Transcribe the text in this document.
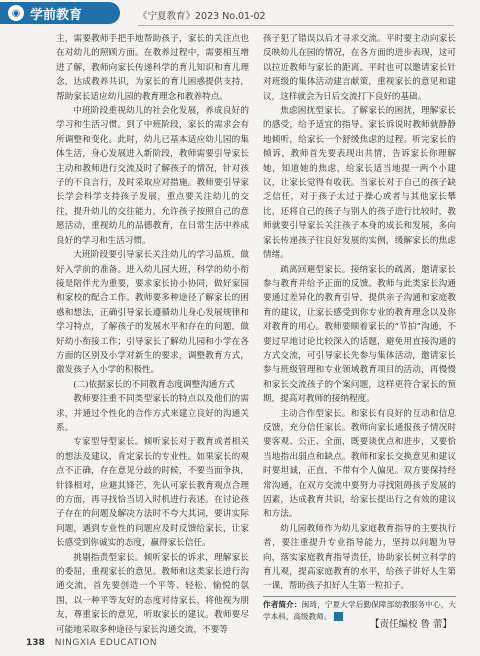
◉ 学前教育	《宁夏教育》2023 No.01-02

主，需要教师手把手地帮助孩子，家长的关注点也在对幼儿的照顾方面。在教养过程中，需要相互增进了解，教师向家长传递科学的育儿知识和育儿理念，达成教养共识，为家长的育儿困惑提供支持，帮助家长适应幼儿园的教育理念和教养特点。

中班阶段重视幼儿的社会化发展，养成良好的学习和生活习惯。到了中班阶段，家长的需求会有所调整和变化。此时，幼儿已基本适应幼儿园的集体生活，身心发展进入新阶段，教师需要引导家长主动和教师进行交流及时了解孩子的情况，针对孩子的不良言行，及时采取应对措施。教师要引导家长学会科学支持孩子发展，重点要关注幼儿的交往，提升幼儿的交往能力，允许孩子按照自己的意愿活动，重视幼儿的品德教育，在日常生活中养成良好的学习和生活习惯。

大班阶段要引导家长关注幼儿的学习品质，做好入学前的准备。进入幼儿园大班，科学的幼小衔接是陪伴尤为重要，要求家长协小协同，做好家园和家校的配合工作。教师要多种途径了解家长的困惑和想法，正确引导家长遵循幼儿身心发展规律和学习特点，了解孩子的发展水平和存在的问题，做好幼小衔接工作；引导家长了解幼儿园和小学在各方面的区别及小学对新生的要求，调整教育方式，激发孩子入小学的积极性。

(二)依据家长的不同教育态度调整沟通方式

教师要注重不同类型家长的特点以及他们的需求，并通过个性化的合作方式来建立良好的沟通关系。

专家型导型家长。倾听家长对于教育或者相关的想法及建议，肯定家长的专业性。如果家长的观点不正确，存在意见分歧的时候，不要当面争执，针锋相对，应避其锋芒，先认可家长教育观点合理的方面，再寻找恰当切入时机进行表述。在讨论孩子存在的问题及解决方法时不夸大其词，要讲实际问题，遇到专业性的问题应及时反馈给家长，让家长感受到你诚实的态度，赢得家长信任。

挑剔指责型家长。倾听家长的诉求，理解家长的委屈，重视家长的意见。教师和这类家长进行沟通交流，首先要创造一个平等、轻松、愉悦的氛围，以一种平等友好的态度对待家长，将他视为朋友，尊重家长的意见，听取家长的建议。教师要尽可能地采取多种途径与家长沟通交流，不要等

孩子犯了错误以后才寻求交流。平时要主动向家长反映幼儿在园的情况，在各方面的进步表现，这可以拉近教师与家长的距离。平时也可以邀请家长针对班级的集体活动建言献策，重视家长的意见和建议，这样就会为日后交流打下良好的基础。

焦虑困扰型家长。了解家长的困扰，理解家长的感受，给予适宜的指导。家长诉说时教师就静静地倾听，给家长一个舒缓焦虑的过程。听完家长的倾诉，教师首先要表现出共情，告诉家长你理解她，知道她的焦虑，给家长适当地提一两个小建议，让家长觉得有收获。当家长对于自己的孩子缺乏信任，对于孩子太过于操心或者与其他家长攀比，还将自己的孩子与别人的孩子进行比较时，教师就要引导家长关注孩子本身的成长和发展，多向家长传递孩子往良好发展的实例，缓解家长的焦虑情绪。

疏离回避型家长。接纳家长的疏离，邀请家长参与教育并给予正面的反馈。教师与此类家长沟通要通过差异化的教育引导，提供亲子沟通和家庭教育的建议，让家长感受到你专业的教育理念以及你对教育的用心。教师要顺着家长的“节拍”沟通，不要过早地讨论比较深入的话题，避免用直接沟通的方式交流，可引导家长先参与集体活动，邀请家长参与班级管理和专业领域教育项目的活动，再慢慢和家长交流孩子的个案问题，这样更符合家长的预期，提高对教师的接纳程度。

主动合作型家长。和家长有良好的互动和信息反馈，充分信任家长。教师向家长通报孩子情况时要客观、公正、全面，既要谈优点和进步，又要恰当地指出弱点和缺点。教师和家长交换意见和建议时要坦诚，正直，不带有个人偏见。双方要保持经常沟通，在双方交流中要努力寻找阻碍孩子发展的因素，达成教育共识，给家长提出行之有效的建议和方法。

幼儿园教师作为幼儿家庭教育指导的主要执行者，要注重提升专业指导能力，坚持以问题为导向，落实家庭教育指导责任，协助家长树立科学的育儿观，提高家庭教育的水平，给孩子讲好人生第一课，帮助孩子扣好人生第一粒扣子。

作者简介：闽琦，宁夏大学后勤保障部幼教服务中心，大学本科，高级教师。
【责任编校 鲁 蕾】
138 NINGXIA EDUCATION
